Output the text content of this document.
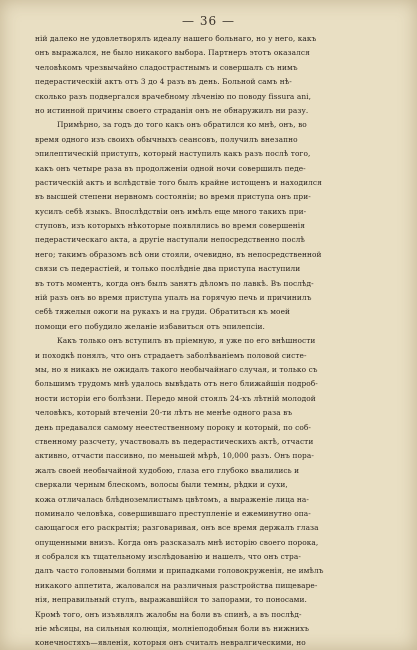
— 36 —
нiй далеко не удовлетворялъ идеалу нашего больнаго, но у него, какъ
онъ выражался, не было никакого выбора. Партнеръ этотъ оказался
человѣкомъ чрезвычайно сладострастнымъ и совершалъ съ нимъ
педерастическiй актъ отъ 3 до 4 разъ въ день. Больной самъ нѣ-
сколько разъ подвергался врачебному лѣченiю по поводу fissura ani,
но истинной причины своего страданiя онъ не обнаружилъ ни разу.
Примѣрно, за годъ до того какъ онъ обратился ко мнѣ, онъ, во
время одного изъ своихъ обычныхъ сеансовъ, получилъ внезапно
эпилептическiй приступъ, который наступилъ какъ разъ послѣ того,
какъ онъ четыре раза въ продолженiи одной ночи совершилъ педе-
растическiй актъ и вслѣдствiе того былъ крайне истощенъ и находился
въ высшей степени нервномъ состоянiи; во время приступа онъ при-
кусилъ себѣ языкъ. Впослѣдствiи онъ имѣлъ еще много такихъ при-
ступовъ, изъ которыхъ нѣкоторые появлялись во время совершенiя
педерастическаго акта, а другiе наступали непосредственно послѣ
него; такимъ образомъ всѣ они стояли, очевидно, въ непосредственной
связи съ педерастiей, и только послѣднiе два приступа наступили
въ тотъ моментъ, когда онъ былъ занятъ дѣломъ по лавкѣ. Въ послѣд-
нiй разъ онъ во время приступа упалъ на горячую печь и причинилъ
себѣ тяжелыя ожоги на рукахъ и на груди. Обратиться къ моей
помощи его побудило желанiе избавиться отъ эпилепсiи.
Какъ только онъ вступилъ въ прiемную, я уже по его внѣшности
и походкѣ понялъ, что онъ страдаетъ заболѣванiемъ половой систе-
мы, но я никакъ не ожидалъ такого необычайнаго случая, и только съ
большимъ трудомъ мнѣ удалось вывѣдать отъ него ближайшiя подроб-
ности исторiи его болѣзни. Передо мной стоялъ 24-хъ лѣтнiй молодой
человѣкъ, который втеченiи 20-ти лѣтъ не менѣе одного раза въ
день предавался самому неестественному пороку и который, по соб-
ственному разсчету, участвовалъ въ педерастическихъ актѣ, отчасти
активно, отчасти пассивно, по меньшей мѣрѣ, 10,000 разъ. Онъ пора-
жалъ своей необычайной худобою, глаза его глубоко ввалились и
сверкали черным блескомъ, волосы были темны, рѣдки и сухи,
кожа отличалась блѣдноземлистымъ цвѣтомъ, а выраженiе лица на-
поминало человѣка, совершившаго преступленiе и ежеминутно опа-
сающагося его раскрытiя; разговаривая, онъ все время держалъ глаза
опущенными внизъ. Когда онъ разсказалъ мнѣ исторiю своего порока,
я собрался къ тщательному изслѣдованiю и нашелъ, что онъ стра-
далъ часто головными болями и припадками головокруженiя, не имѣлъ
никакого аппетита, жаловался на различныя разстройства пищеваре-
нiя, неправильный стулъ, выражавшiйся то запорами, то поносами.
Кромѣ того, онъ изъявлялъ жалобы на боли въ спинѣ, а въ послѣд-
нiе мѣсяцы, на сильныя колющiя, молнiеподобныя боли въ нижнихъ
конечностяхъ—явленiя, которыя онъ считалъ невралгическими, но
